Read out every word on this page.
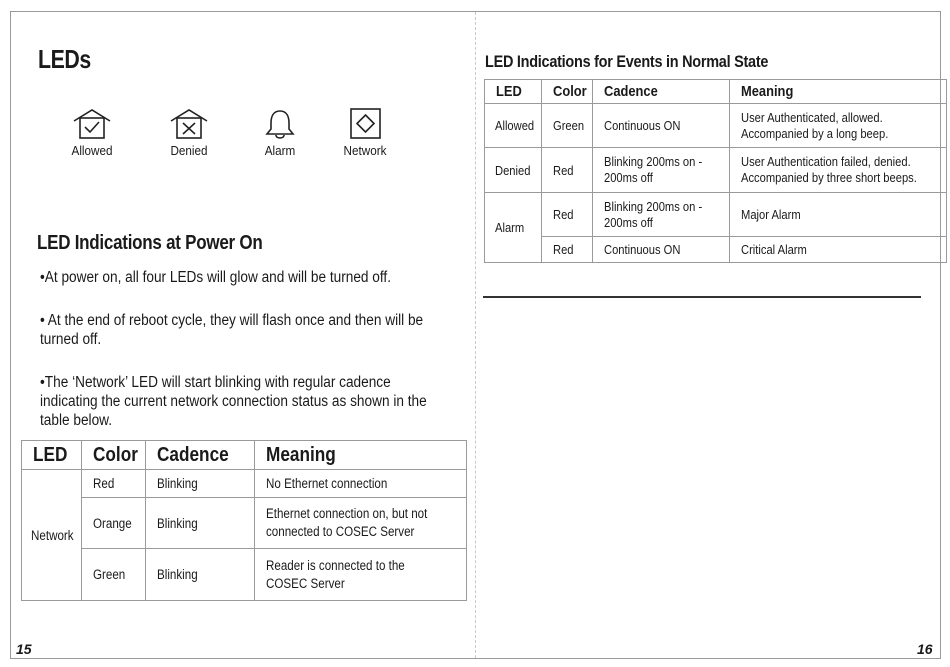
LEDs
Allowed	Denied	Alarm	Network
LED Indications at Power On

•At power on, all four LEDs will glow and will be turned off.

• At the end of reboot cycle, they will flash once and then will be turned off.

•The ‘Network’ LED will start blinking with regular cadence indicating the current network connection status as shown in the table below.

LED	Color	Cadence	Meaning
Network	Red	Blinking	No Ethernet connection
	Orange	Blinking	Ethernet connection on, but not connected to COSEC Server

	Green	Blinking	Reader is connected to the COSEC Server
15
LED Indications for Events in Normal State
LED	Color	Cadence	Meaning
Allowed	Green	Continuous ON	User Authenticated, allowed. Accompanied by a long beep.

Denied	Red	Blinking 200ms on - 200ms off	User Authentication failed, denied. Accompanied by three short beeps.

Alarm	Red	Blinking 200ms on - 200ms off	Major Alarm
	Red	Continuous ON	Critical Alarm
16
